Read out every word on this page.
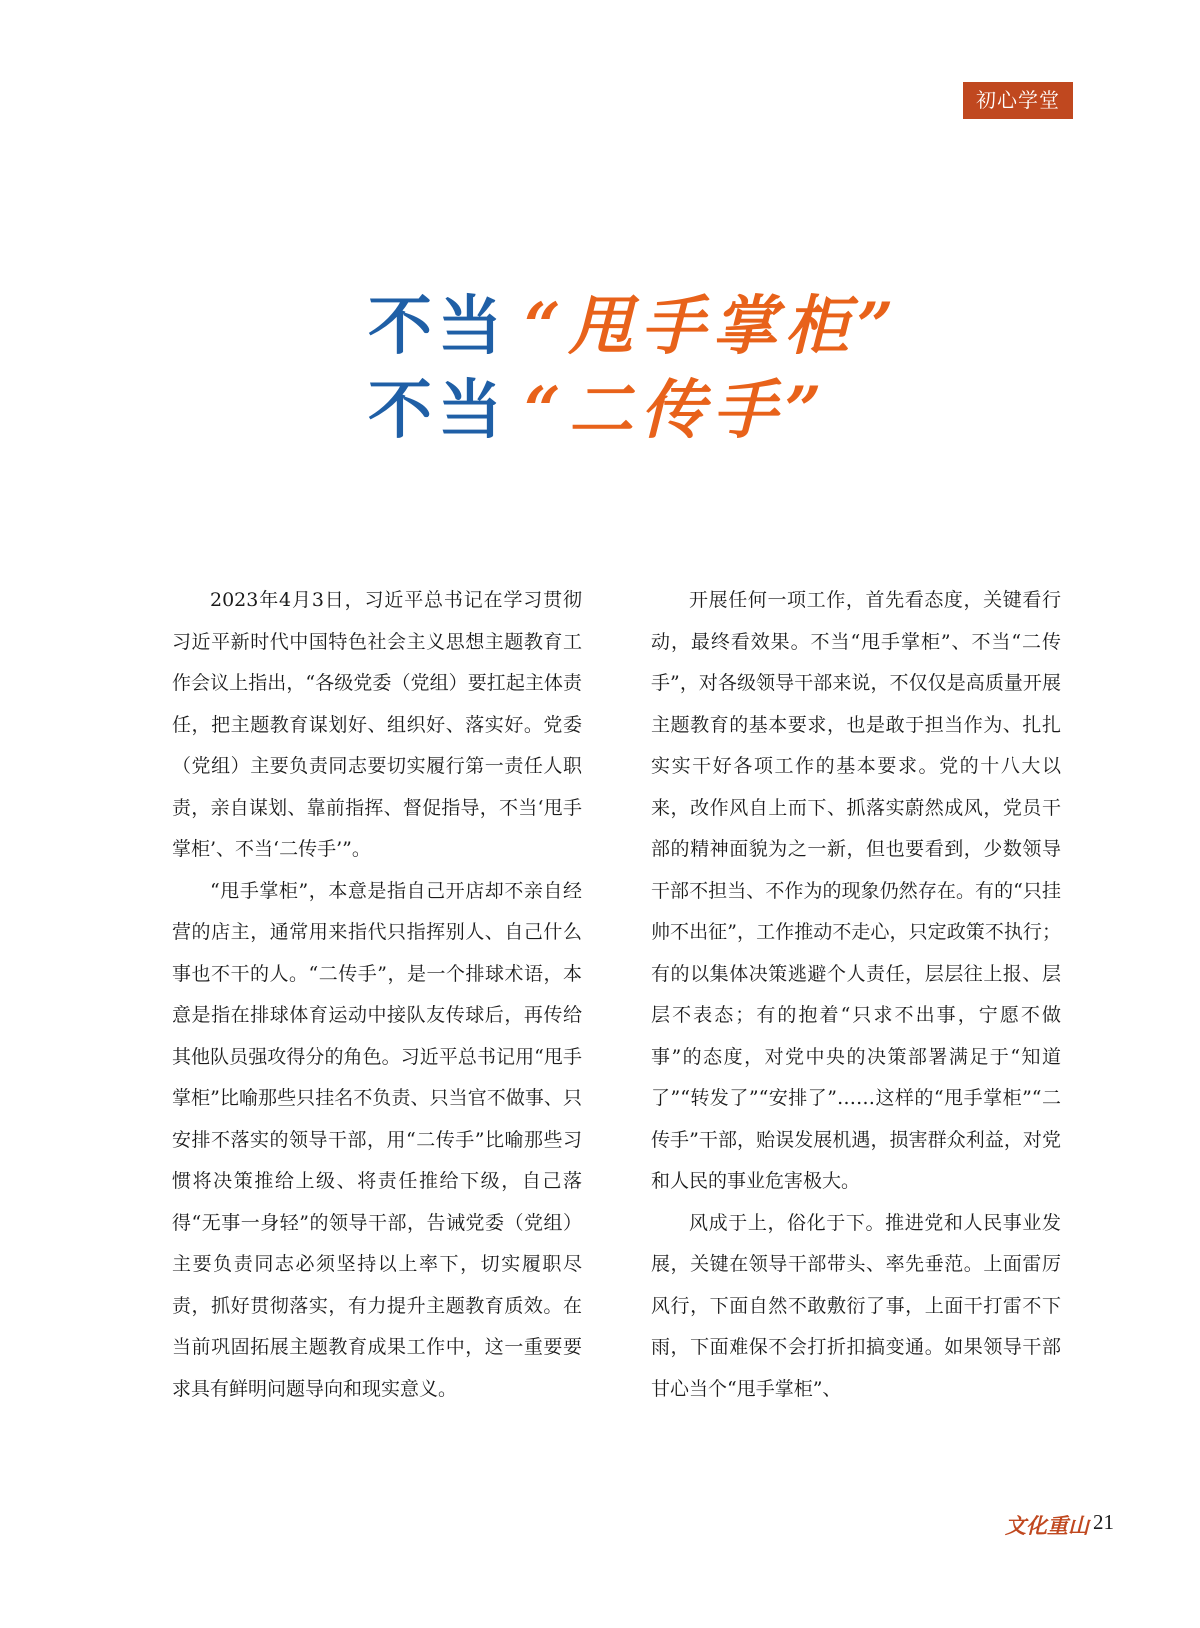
初心学堂
不当 “甩手掌柜”
不当 “二传手”

2023年4月3日，习近平总书记在学习贯彻习近平新时代中国特色社会主义思想主题教育工作会议上指出，“各级党委（党组）要扛起主体责任，把主题教育谋划好、组织好、落实好。党委（党组）主要负责同志要切实履行第一责任人职责，亲自谋划、靠前指挥、督促指导，不当‘甩手掌柜’、不当‘二传手’”。

“甩手掌柜”，本意是指自己开店却不亲自经营的店主，通常用来指代只指挥别人、自己什么事也不干的人。“二传手”，是一个排球术语，本意是指在排球体育运动中接队友传球后，再传给其他队员强攻得分的角色。习近平总书记用“甩手掌柜”比喻那些只挂名不负责、只当官不做事、只安排不落实的领导干部，用“二传手”比喻那些习惯将决策推给上级、将责任推给下级，自己落得“无事一身轻”的领导干部，告诫党委（党组）主要负责同志必须坚持以上率下，切实履职尽责，抓好贯彻落实，有力提升主题教育质效。在当前巩固拓展主题教育成果工作中，这一重要要求具有鲜明问题导向和现实意义。

开展任何一项工作，首先看态度，关键看行动，最终看效果。不当“甩手掌柜”、不当“二传手”，对各级领导干部来说，不仅仅是高质量开展主题教育的基本要求，也是敢于担当作为、扎扎实实干好各项工作的基本要求。党的十八大以来，改作风自上而下、抓落实蔚然成风，党员干部的精神面貌为之一新，但也要看到，少数领导干部不担当、不作为的现象仍然存在。有的“只挂帅不出征”，工作推动不走心，只定政策不执行；有的以集体决策逃避个人责任，层层往上报、层层不表态；有的抱着“只求不出事，宁愿不做事”的态度，对党中央的决策部署满足于“知道了”“转发了”“安排了”……这样的“甩手掌柜”“二传手”干部，贻误发展机遇，损害群众利益，对党和人民的事业危害极大。

风成于上，俗化于下。推进党和人民事业发展，关键在领导干部带头、率先垂范。上面雷厉风行，下面自然不敢敷衍了事，上面干打雷不下雨，下面难保不会打折扣搞变通。如果领导干部甘心当个“甩手掌柜”、

文化重山 21
